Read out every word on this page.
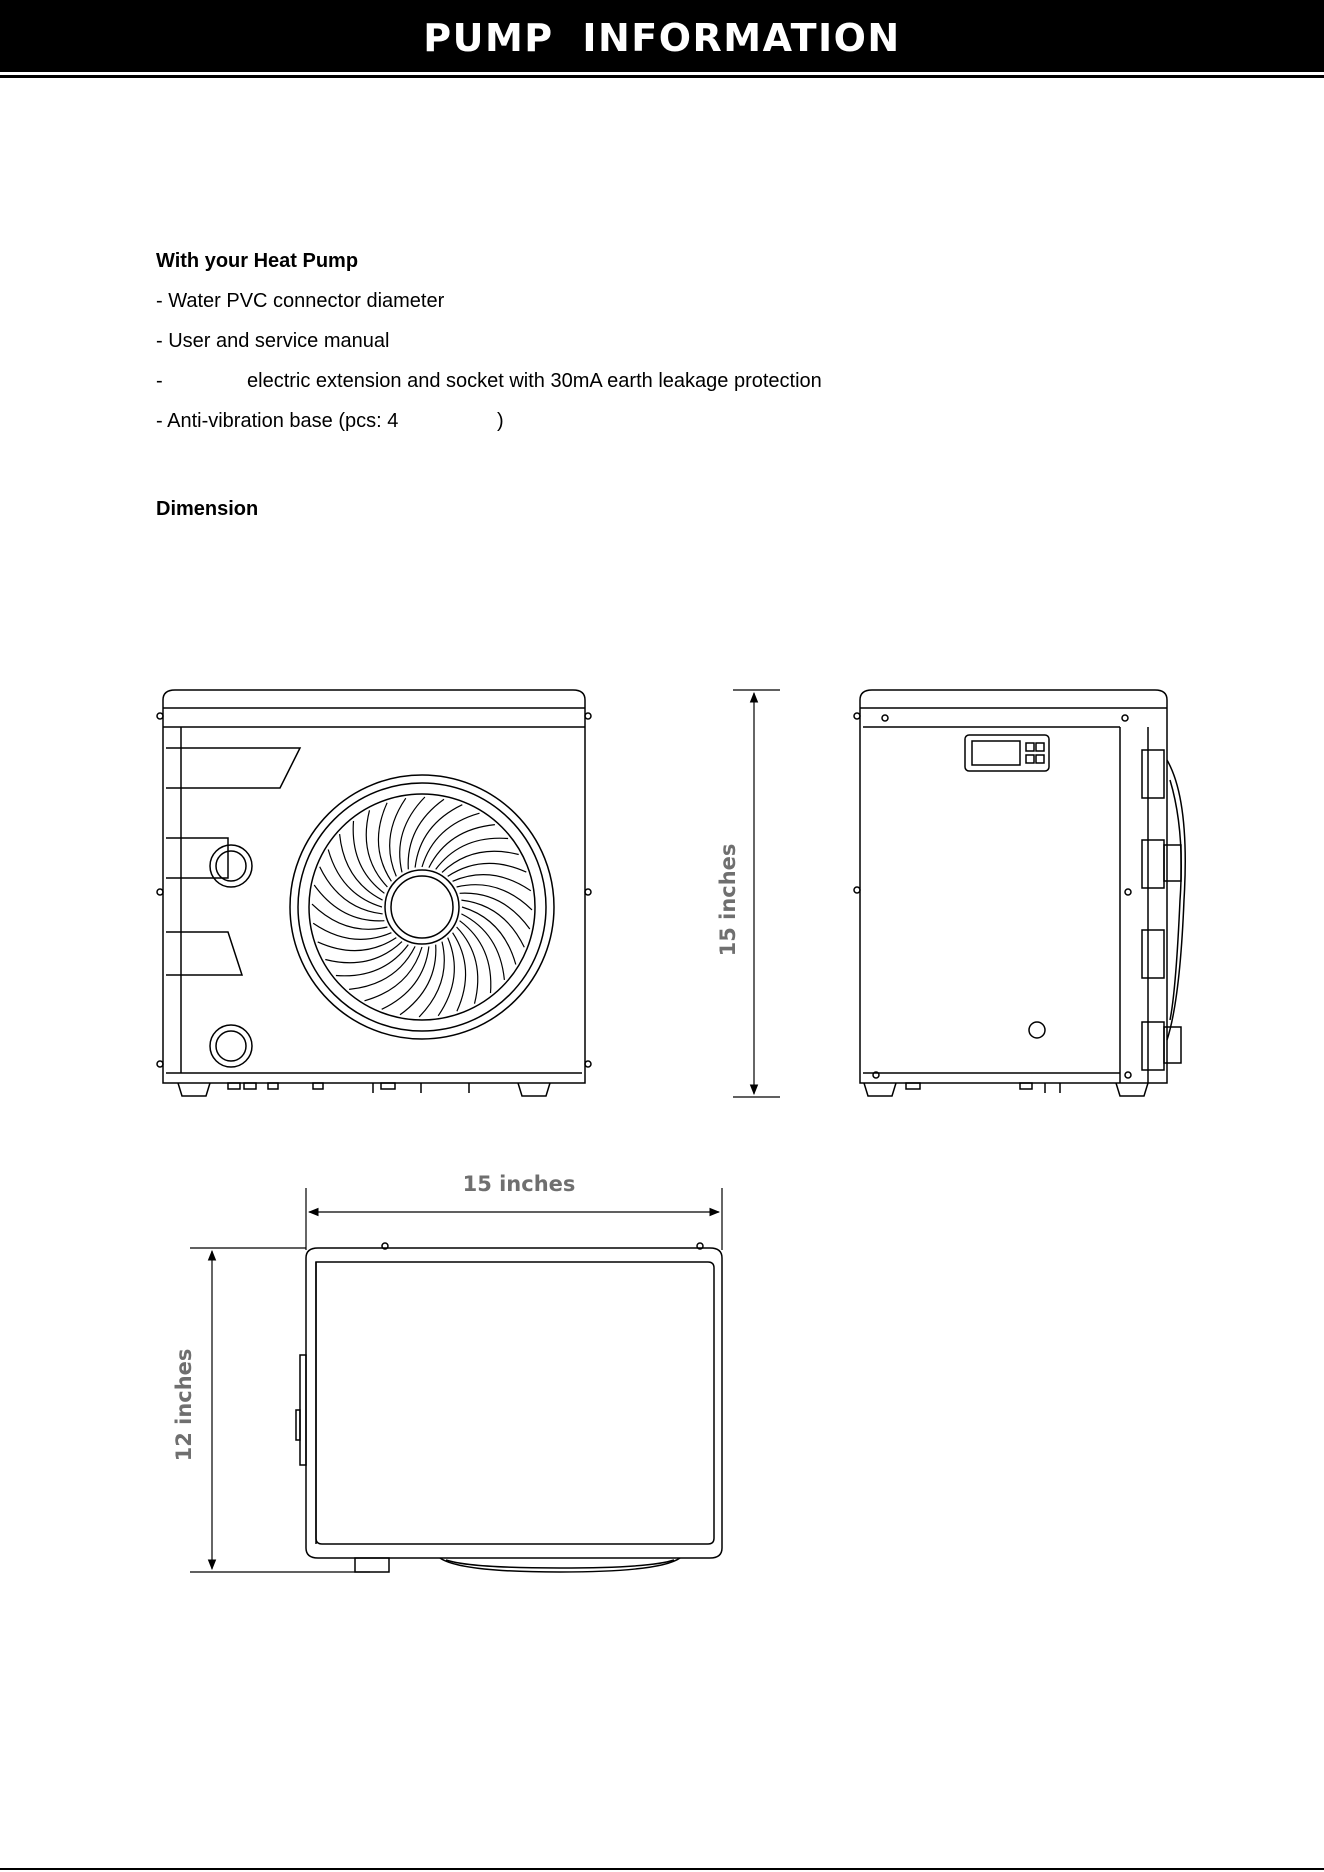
PUMP INFORMATION
With your Heat Pump
- Water PVC connector diameter
- User and service manual
-	electric extension and socket with 30mA earth leakage protection
- Anti-vibration base (pcs: 4	)
Dimension
15 inches
15 inches
12 inches
